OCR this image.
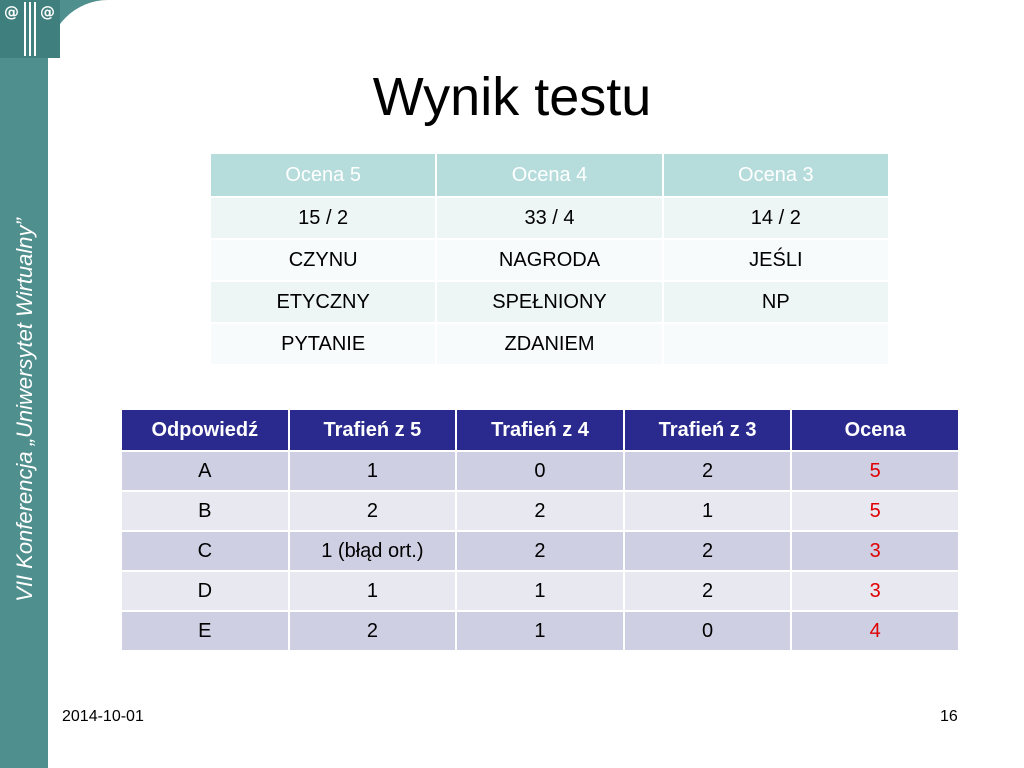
@ @
VII Konferencja „Uniwersytet Wirtualny”
Wynik testu
Ocena 5	Ocena 4	Ocena 3
15 / 2	33 / 4	14 / 2
CZYNU	NAGRODA	JEŚLI
ETYCZNY	SPEŁNIONY	NP
PYTANIE	ZDANIEM	
Odpowiedź	Trafień z 5	Trafień z 4	Trafień z 3	Ocena
A	1	0	2	5
B	2	2	1	5
C	1 (błąd ort.)	2	2	3
D	1	1	2	3
E	2	1	0	4
2014-10-01	16
